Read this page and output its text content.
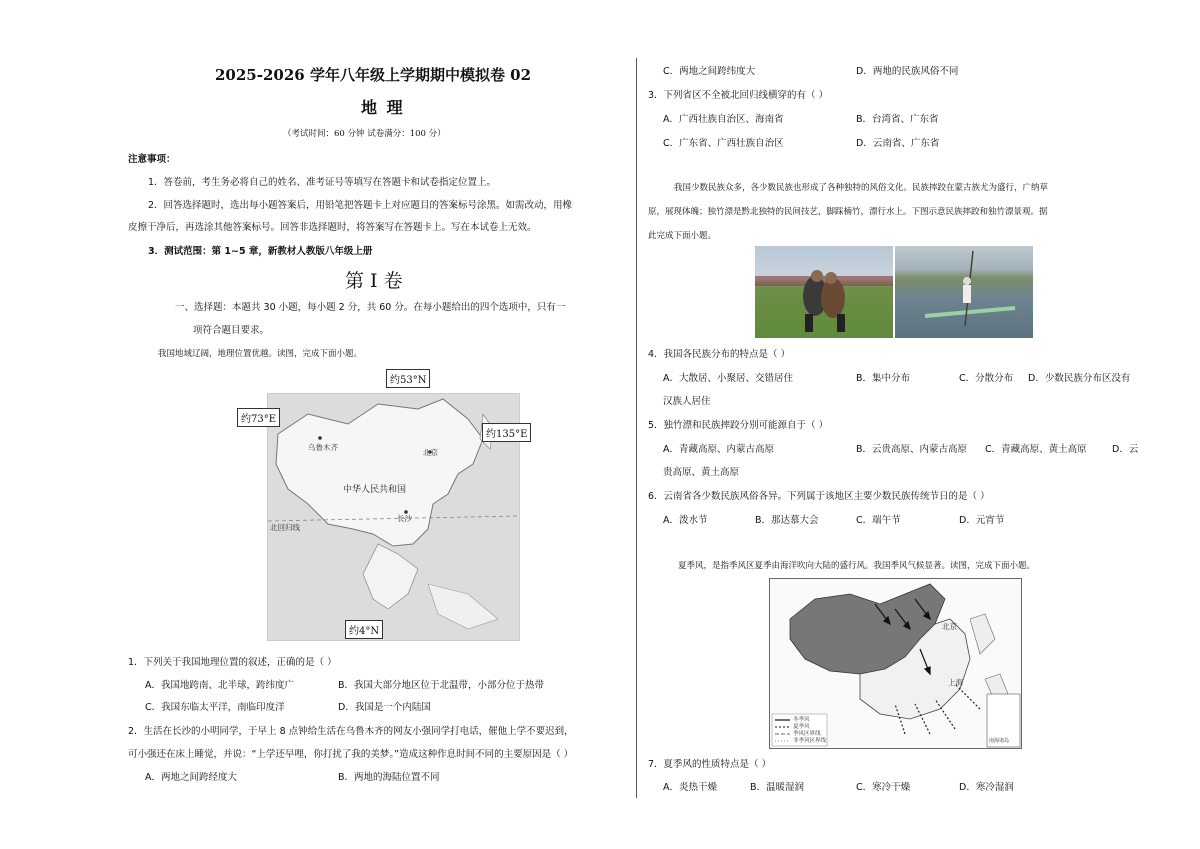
2025-2026 学年八年级上学期期中模拟卷 02
地 理
（考试时间：60 分钟 试卷满分：100 分）
注意事项：
1．答卷前，考生务必将自己的姓名、准考证号等填写在答题卡和试卷指定位置上。
2．回答选择题时，选出每小题答案后，用铅笔把答题卡上对应题目的答案标号涂黑。如需改动，用橡
皮擦干净后，再选涂其他答案标号。回答非选择题时，将答案写在答题卡上。写在本试卷上无效。
3．测试范围：第 1~5 章，新教材人教版八年级上册
第 I 卷
一、选择题：本题共 30 小题，每小题 2 分，共 60 分。在每小题给出的四个选项中，只有一
项符合题目要求。
我国地域辽阔，地理位置优越。读图，完成下面小题。
乌鲁木齐
北京
中华人民共和国
长沙
北回归线
约53°N
约73°E
约135°E
约4°N
1．下列关于我国地理位置的叙述，正确的是（ ）
A．我国地跨南、北半球，跨纬度广	B．我国大部分地区位于北温带，小部分位于热带
C．我国东临太平洋，南临印度洋	D．我国是一个内陆国
2．生活在长沙的小明同学，于早上 8 点钟给生活在乌鲁木齐的网友小强同学打电话，催他上学不要迟到，
可小强还在床上睡觉，并说：“上学还早哩，你打扰了我的美梦。”造成这种作息时间不同的主要原因是（ ）
A．两地之间跨经度大	B．两地的海陆位置不同
C．两地之间跨纬度大	D．两地的民族风俗不同
3．下列省区不全被北回归线横穿的有（ ）
A．广西壮族自治区、海南省	B．台湾省、广东省
C．广东省、广西壮族自治区	D．云南省、广东省
我国少数民族众多，各少数民族也形成了各种独特的风俗文化。民族摔跤在蒙古族尤为盛行，广纳草
原，展现体魄；独竹漂是黔北独特的民间技艺，脚踩楠竹，漂行水上。下图示意民族摔跤和独竹漂景观。据
此完成下面小题。
4．我国各民族分布的特点是（ ）
A．大散居、小聚居、交错居住	B．集中分布	C．分散分布 D．少数民族分布区没有
汉族人居住
5．独竹漂和民族摔跤分别可能源自于（ ）
A．青藏高原、内蒙古高原	B．云贵高原、内蒙古高原 C．青藏高原、黄土高原	D．云
贵高原、黄土高原
6．云南省各少数民族风俗各异。下列属于该地区主要少数民族传统节日的是（ ）
A．泼水节	B．那达慕大会	C．端午节	D．元宵节
夏季风，是指季风区夏季由海洋吹向大陆的盛行风。我国季风气候显著。读图，完成下面小题。
北京
上海
冬季风
夏季风
季风区界线
非季风区界线	南海诸岛
7．夏季风的性质特点是（ ）
A．炎热干燥	B．温暖湿润	C．寒冷干燥	D．寒冷湿润
